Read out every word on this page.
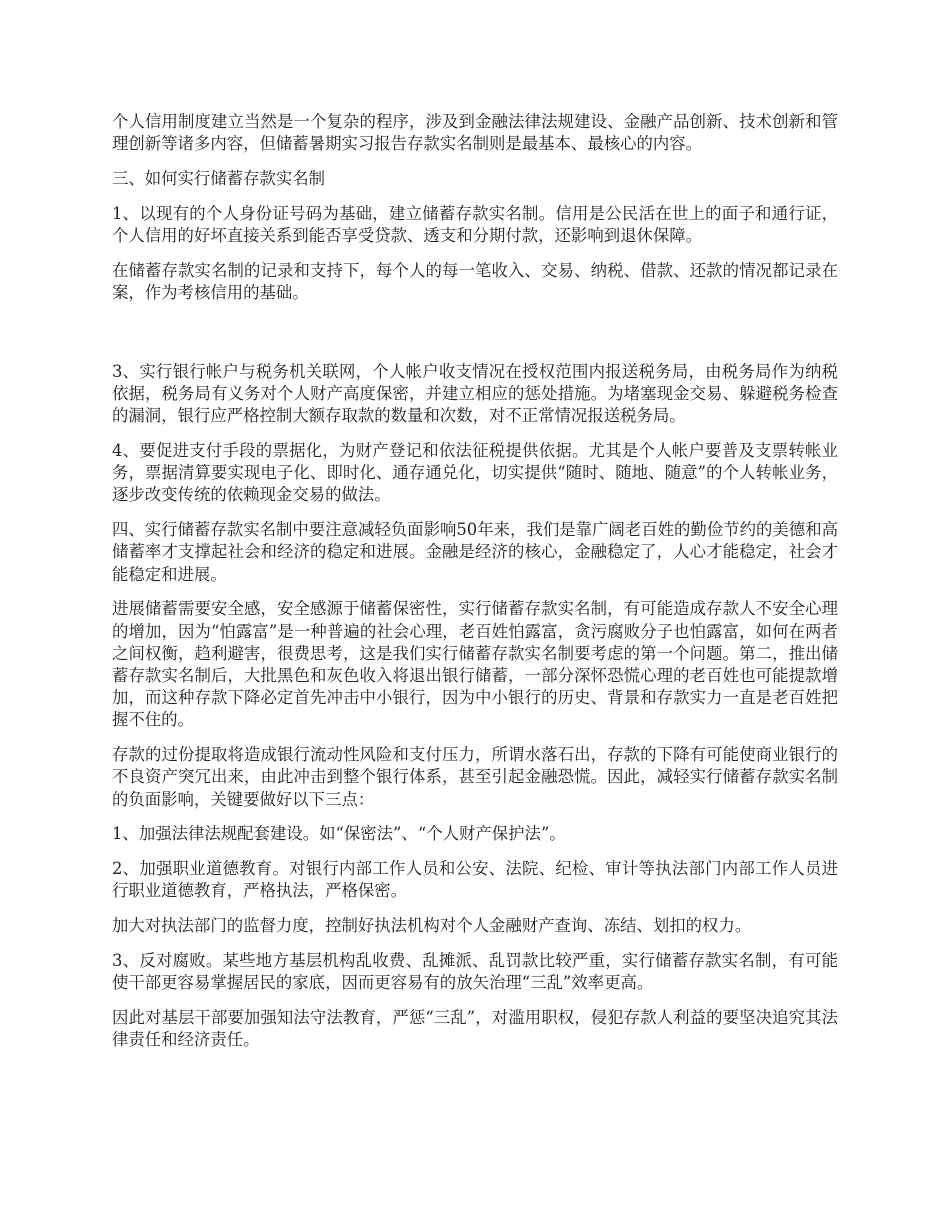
个人信用制度建立当然是一个复杂的程序，涉及到金融法律法规建设、金融产品创新、技术创新和管理创新等诸多内容，但储蓄暑期实习报告存款实名制则是最基本、最核心的内容。

三、如何实行储蓄存款实名制

1、以现有的个人身份证号码为基础，建立储蓄存款实名制。信用是公民活在世上的面子和通行证，个人信用的好坏直接关系到能否享受贷款、透支和分期付款，还影响到退休保障。

在储蓄存款实名制的记录和支持下，每个人的每一笔收入、交易、纳税、借款、还款的情况都记录在案，作为考核信用的基础。

3、实行银行帐户与税务机关联网，个人帐户收支情况在授权范围内报送税务局，由税务局作为纳税依据，税务局有义务对个人财产高度保密，并建立相应的惩处措施。为堵塞现金交易、躲避税务检查的漏洞，银行应严格控制大额存取款的数量和次数，对不正常情况报送税务局。

4、要促进支付手段的票据化，为财产登记和依法征税提供依据。尤其是个人帐户要普及支票转帐业务，票据清算要实现电子化、即时化、通存通兑化，切实提供“随时、随地、随意”的个人转帐业务，逐步改变传统的依赖现金交易的做法。

四、实行储蓄存款实名制中要注意减轻负面影响50年来，我们是靠广阔老百姓的勤俭节约的美德和高储蓄率才支撑起社会和经济的稳定和进展。金融是经济的核心，金融稳定了，人心才能稳定，社会才能稳定和进展。

进展储蓄需要安全感，安全感源于储蓄保密性，实行储蓄存款实名制，有可能造成存款人不安全心理的增加，因为“怕露富”是一种普遍的社会心理，老百姓怕露富，贪污腐败分子也怕露富，如何在两者之间权衡，趋利避害，很费思考，这是我们实行储蓄存款实名制要考虑的第一个问题。第二，推出储蓄存款实名制后，大批黑色和灰色收入将退出银行储蓄，一部分深怀恐慌心理的老百姓也可能提款增加，而这种存款下降必定首先冲击中小银行，因为中小银行的历史、背景和存款实力一直是老百姓把握不住的。

存款的过份提取将造成银行流动性风险和支付压力，所谓水落石出，存款的下降有可能使商业银行的不良资产突冗出来，由此冲击到整个银行体系，甚至引起金融恐慌。因此，减轻实行储蓄存款实名制的负面影响，关键要做好以下三点：

1、加强法律法规配套建设。如“保密法”、“个人财产保护法”。

2、加强职业道德教育。对银行内部工作人员和公安、法院、纪检、审计等执法部门内部工作人员进行职业道德教育，严格执法，严格保密。

加大对执法部门的监督力度，控制好执法机构对个人金融财产查询、冻结、划扣的权力。

3、反对腐败。某些地方基层机构乱收费、乱摊派、乱罚款比较严重，实行储蓄存款实名制，有可能使干部更容易掌握居民的家底，因而更容易有的放矢治理“三乱”效率更高。

因此对基层干部要加强知法守法教育，严惩“三乱”，对滥用职权，侵犯存款人利益的要坚决追究其法律责任和经济责任。
